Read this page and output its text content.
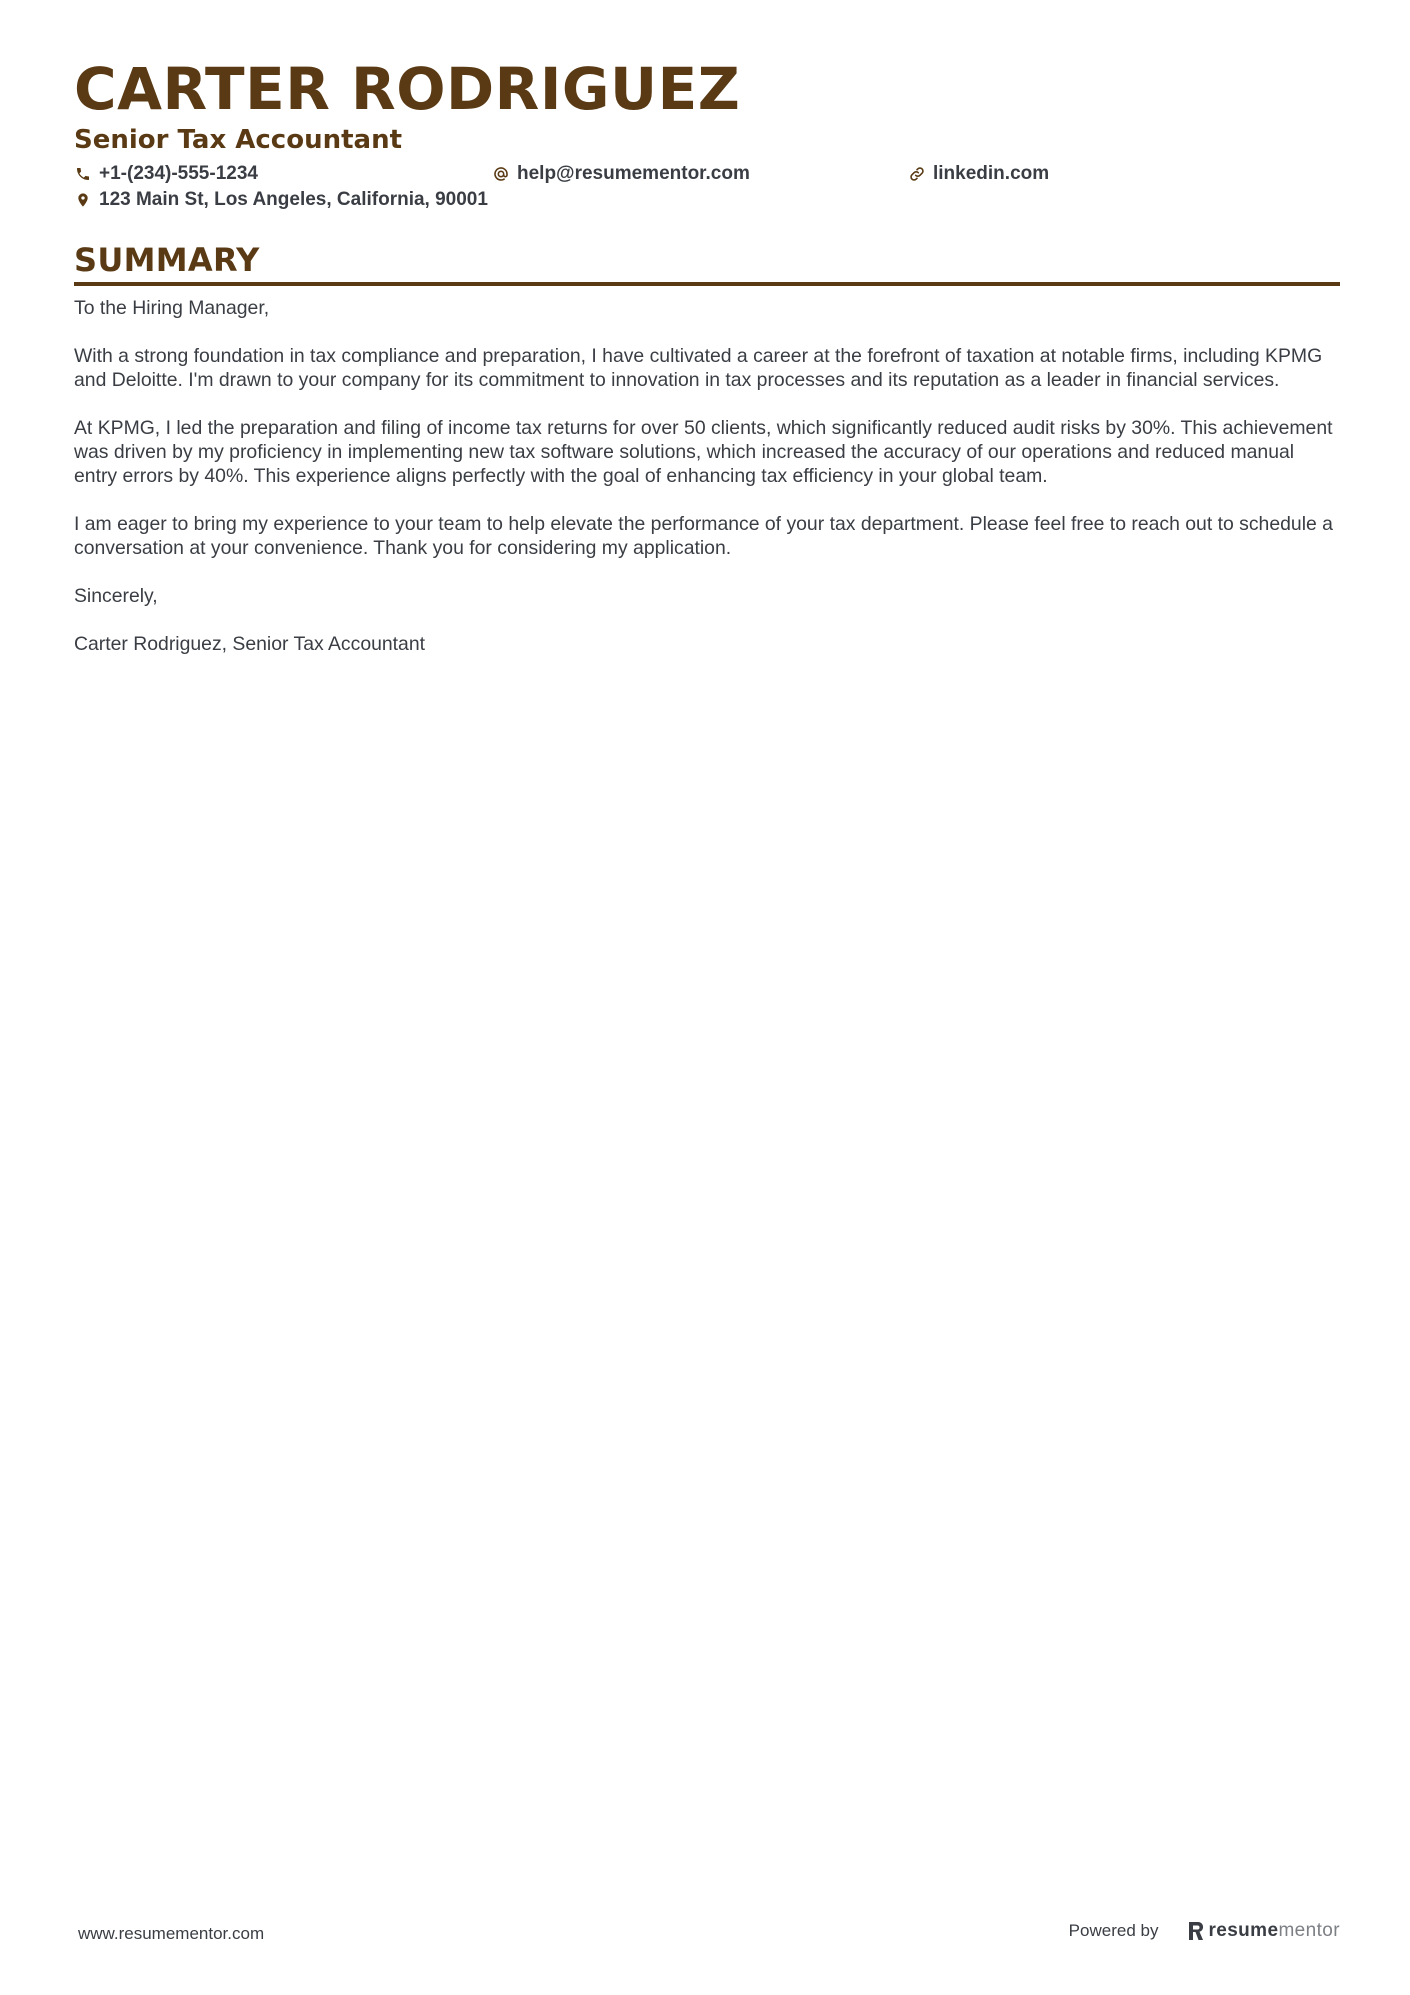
CARTER RODRIGUEZ
Senior Tax Accountant
+1-(234)-555-1234	help@resumementor.com	linkedin.com
123 Main St, Los Angeles, California, 90001
SUMMARY

To the Hiring Manager,

With a strong foundation in tax compliance and preparation, I have cultivated a career at the forefront of taxation at notable firms, including KPMG and Deloitte. I'm drawn to your company for its commitment to innovation in tax processes and its reputation as a leader in financial services.

At KPMG, I led the preparation and filing of income tax returns for over 50 clients, which significantly reduced audit risks by 30%. This achievement was driven by my proficiency in implementing new tax software solutions, which increased the accuracy of our operations and reduced manual entry errors by 40%. This experience aligns perfectly with the goal of enhancing tax efficiency in your global team.

I am eager to bring my experience to your team to help elevate the performance of your tax department. Please feel free to reach out to schedule a conversation at your convenience. Thank you for considering my application.

Sincerely,

Carter Rodriguez, Senior Tax Accountant

www.resumementor.com	Powered by	resumementor
